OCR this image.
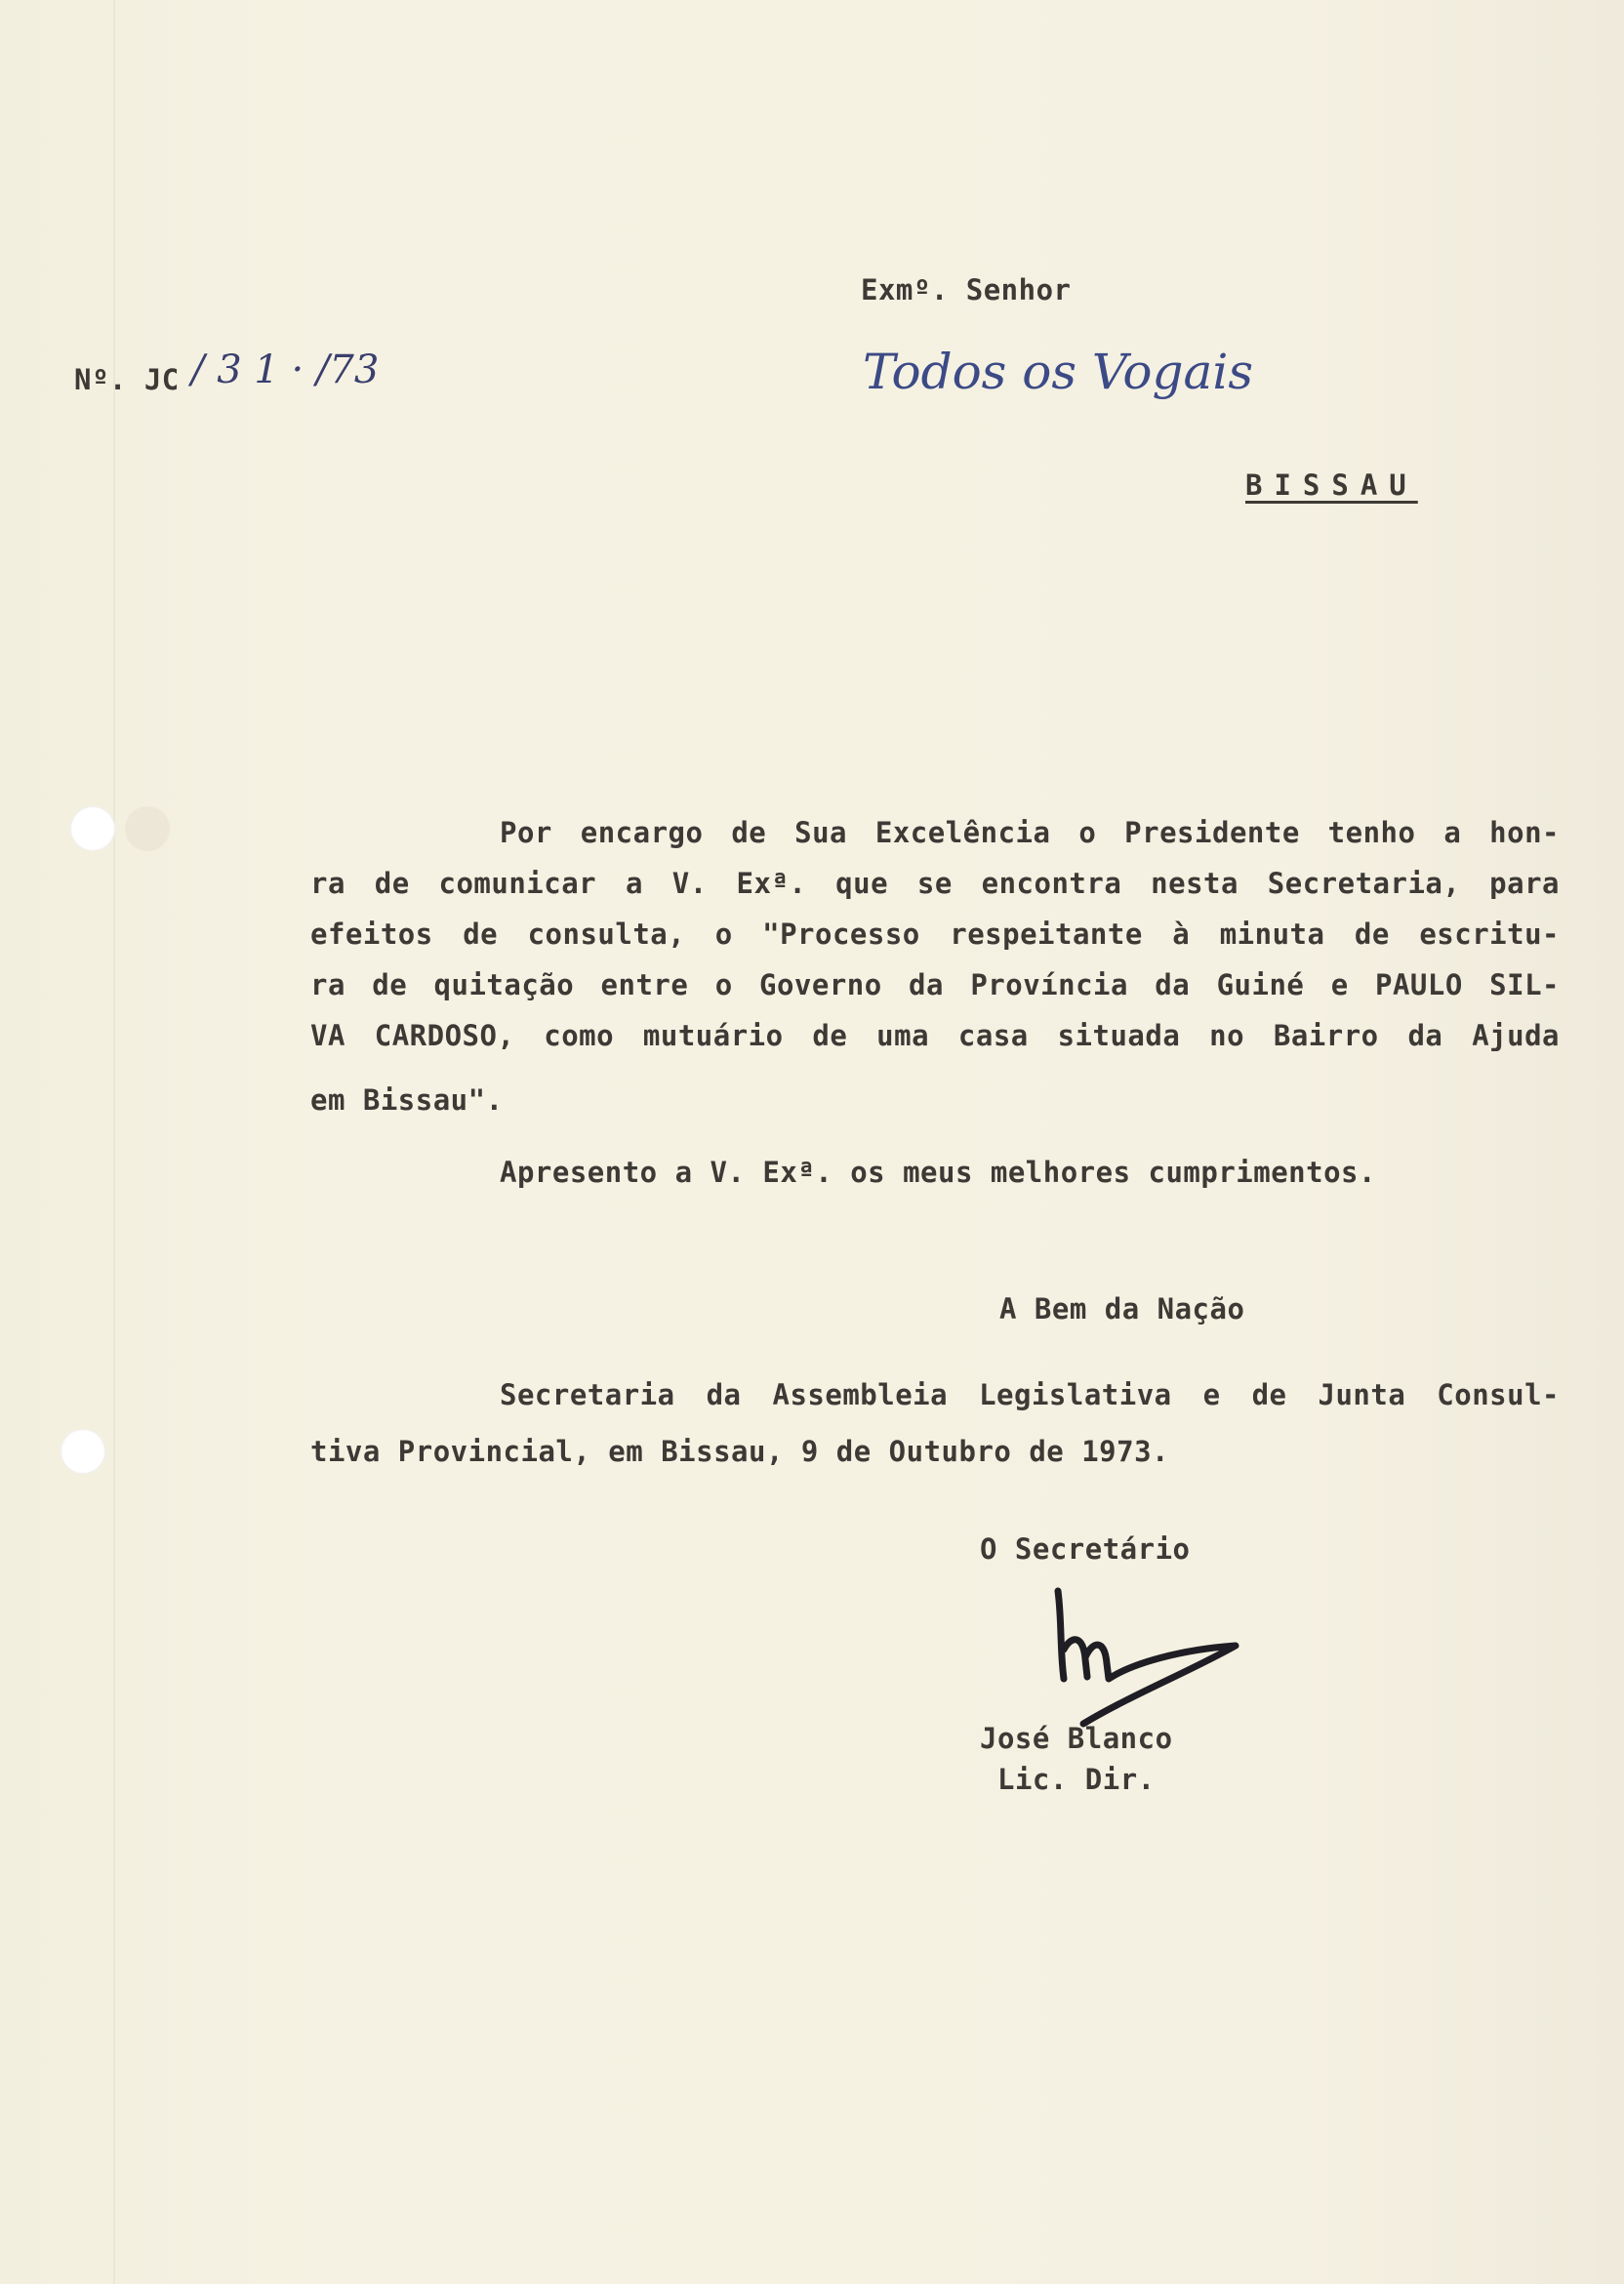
Exmº. Senhor
Nº. JC / 3 1 · /73	Todos os Vogais
BISSAU
Por encargo de Sua Excelência o Presidente tenho a hon-
ra de comunicar a V. Exª. que se encontra nesta Secretaria, para
efeitos de consulta, o "Processo respeitante à minuta de escritu-
ra de quitação entre o Governo da Província da Guiné e PAULO SIL-
VA CARDOSO, como mutuário de uma casa situada no Bairro da Ajuda
em Bissau".
Apresento a V. Exª. os meus melhores cumprimentos.
A Bem da Nação
Secretaria da Assembleia Legislativa e de Junta Consul-
tiva Provincial, em Bissau, 9 de Outubro de 1973.
O Secretário
José Blanco
Lic. Dir.
